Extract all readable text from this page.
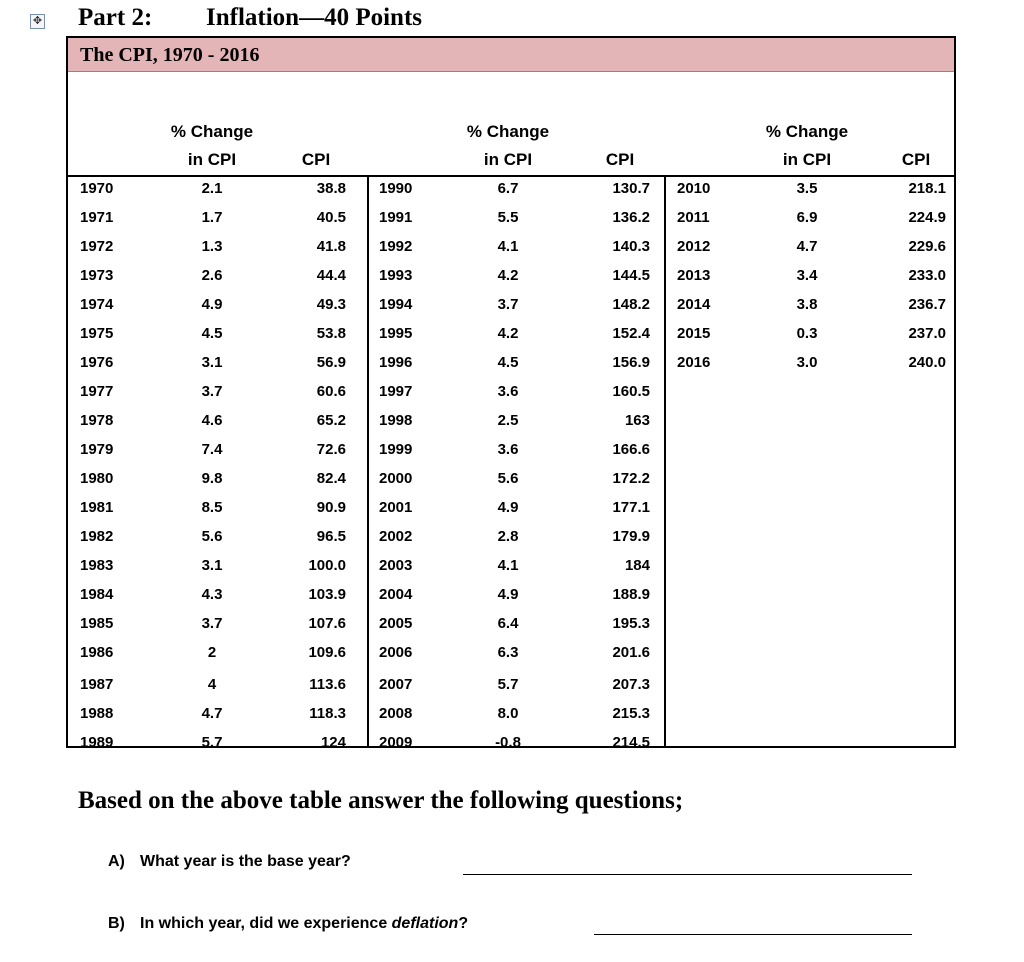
✥ Part 2: Inflation—40 Points
The CPI, 1970 - 2016
% Change
in CPI	CPI
1970	2.1	38.8
1971	1.7	40.5
1972	1.3	41.8
1973	2.6	44.4
1974	4.9	49.3
1975	4.5	53.8
1976	3.1	56.9
1977	3.7	60.6
1978	4.6	65.2
1979	7.4	72.6
1980	9.8	82.4
1981	8.5	90.9
1982	5.6	96.5
1983	3.1	100.0
1984	4.3	103.9
1985	3.7	107.6
1986	2	109.6
1987	4	113.6
1988	4.7	118.3
1989	5.7	124
% Change
in CPI	CPI
1990	6.7	130.7
1991	5.5	136.2
1992	4.1	140.3
1993	4.2	144.5
1994	3.7	148.2
1995	4.2	152.4
1996	4.5	156.9
1997	3.6	160.5
1998	2.5	163
1999	3.6	166.6
2000	5.6	172.2
2001	4.9	177.1
2002	2.8	179.9
2003	4.1	184
2004	4.9	188.9
2005	6.4	195.3
2006	6.3	201.6
2007	5.7	207.3
2008	8.0	215.3
2009	-0.8	214.5
% Change
in CPI	CPI
2010	3.5	218.1
2011	6.9	224.9
2012	4.7	229.6
2013	3.4	233.0
2014	3.8	236.7
2015	0.3	237.0
2016	3.0	240.0
Based on the above table answer the following questions;
A) What year is the base year?
B) In which year, did we experience deflation?
